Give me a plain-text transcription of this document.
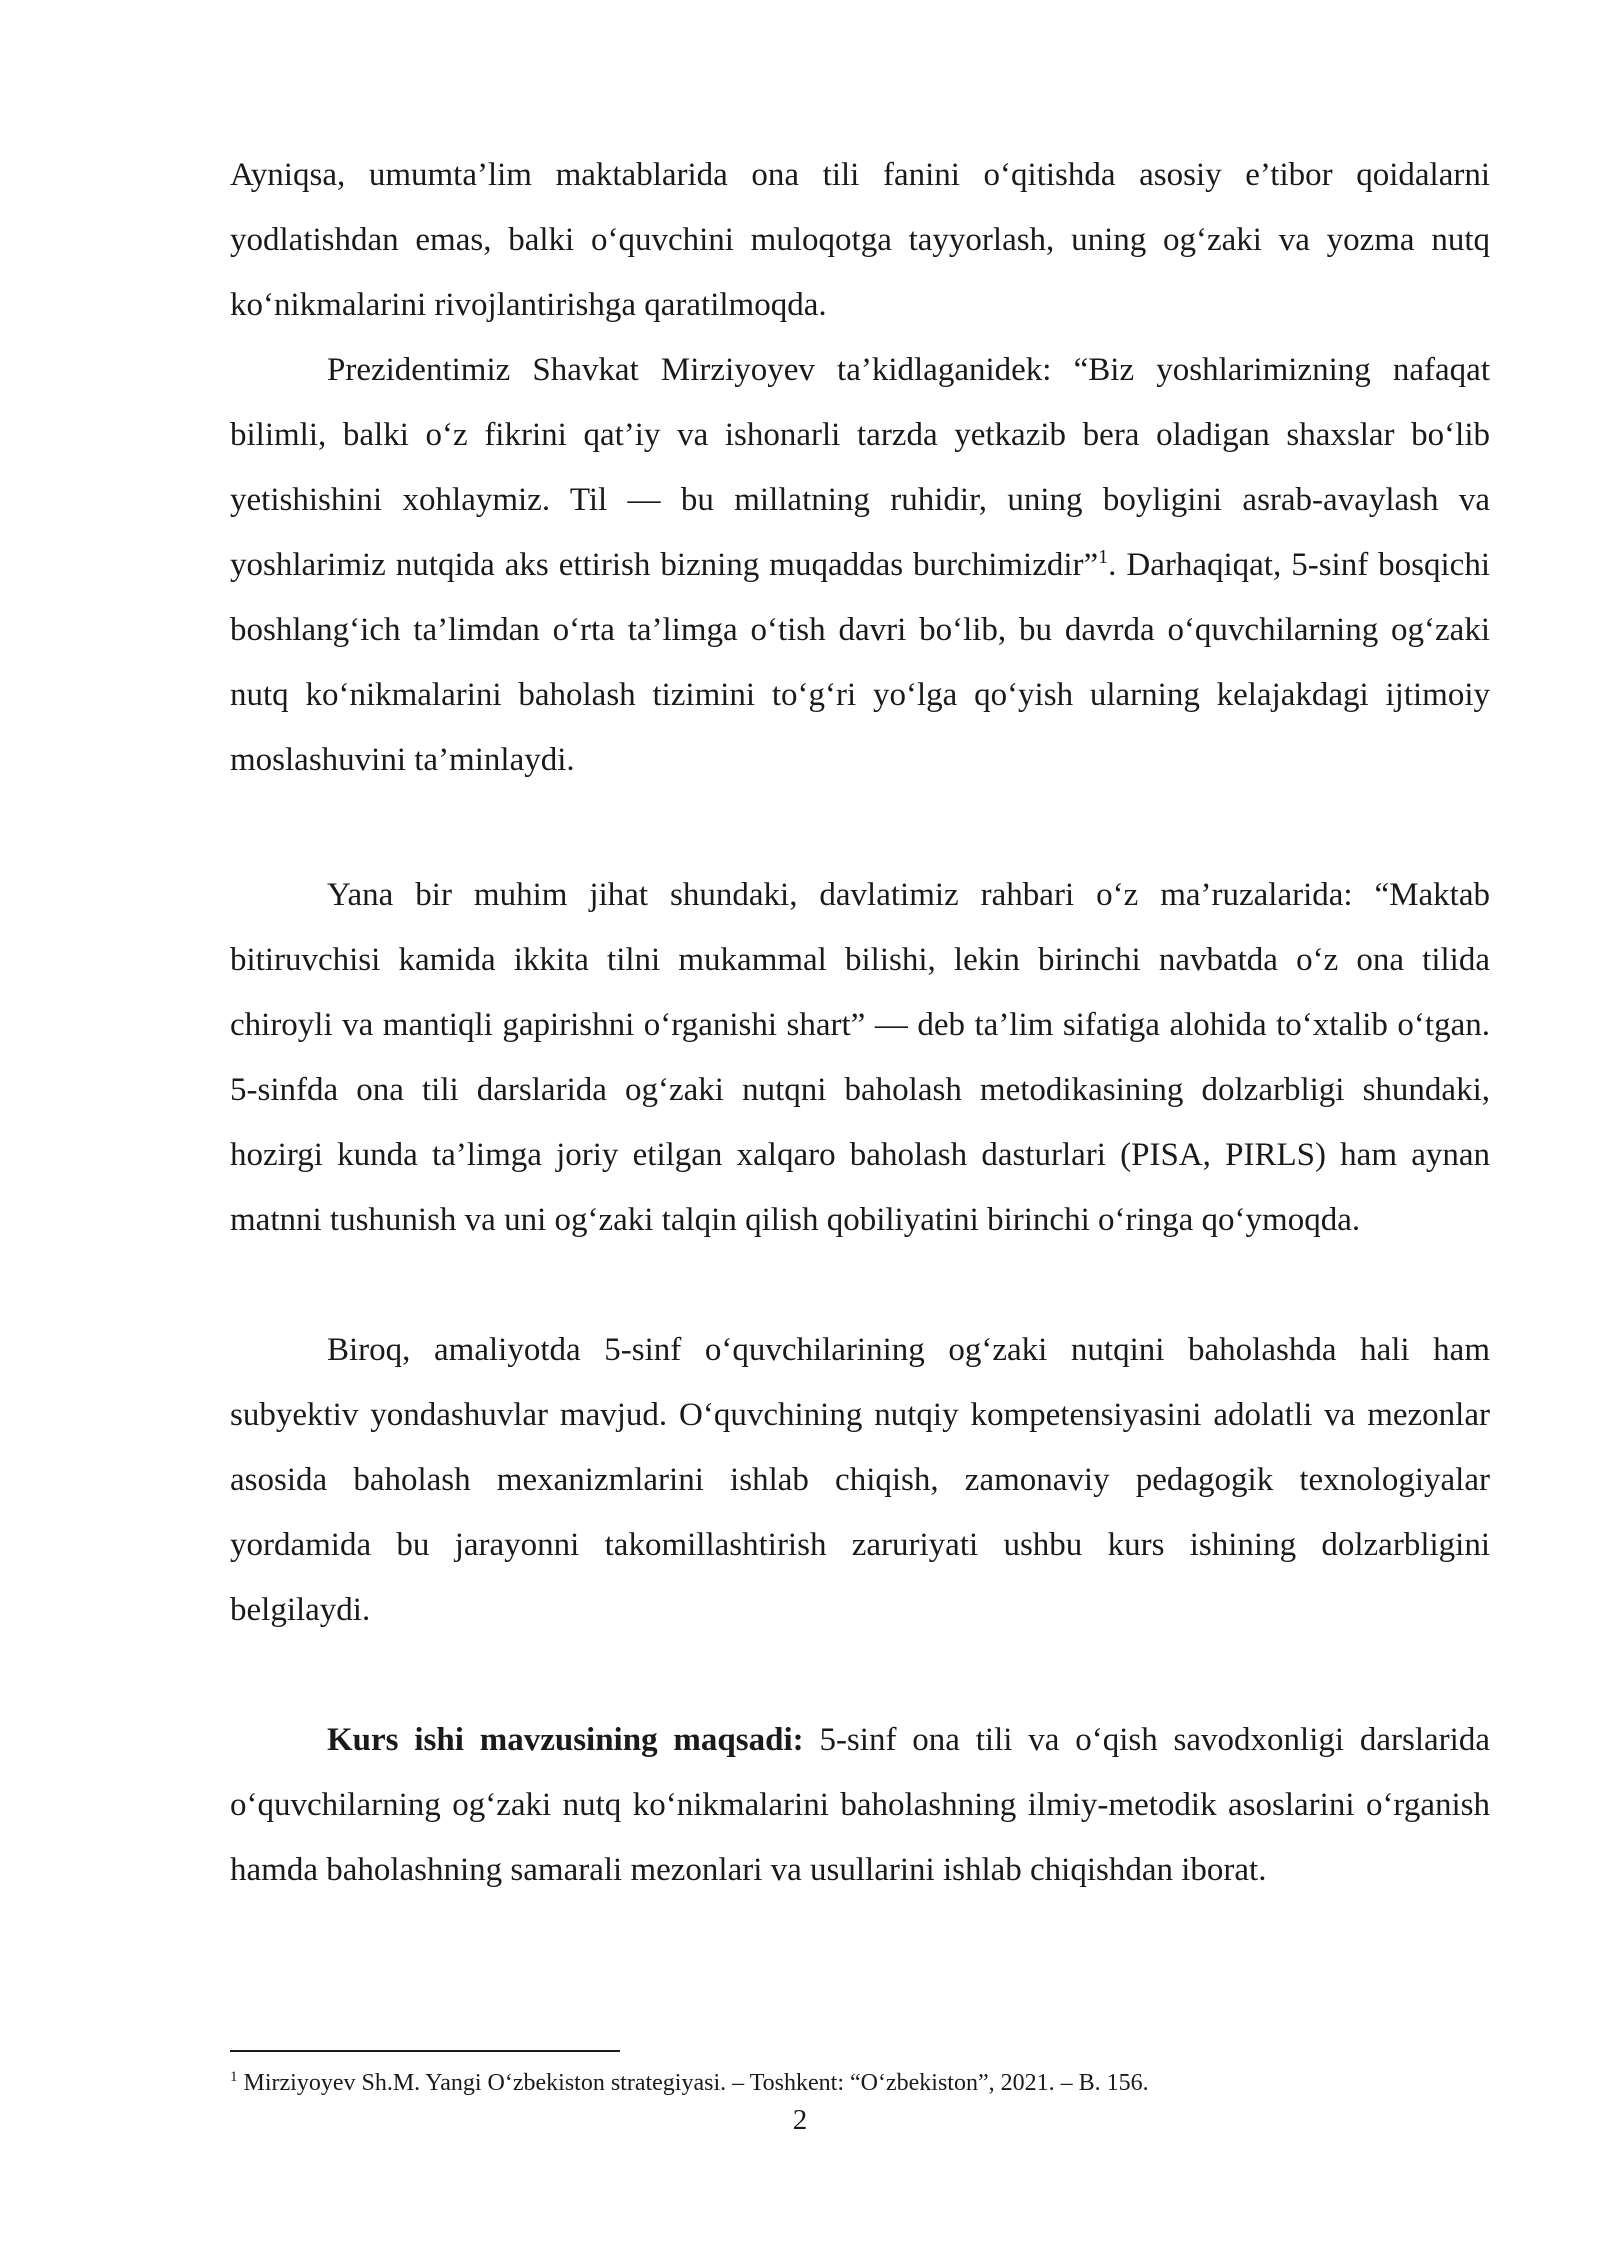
Ayniqsa, umumta’lim maktablarida ona tili fanini o‘qitishda asosiy e’tibor qoidalarni yodlatishdan emas, balki o‘quvchini muloqotga tayyorlash, uning og‘zaki va yozma nutq ko‘nikmalarini rivojlantirishga qaratilmoqda.

Prezidentimiz Shavkat Mirziyoyev ta’kidlaganidek: “Biz yoshlarimizning nafaqat bilimli, balki o‘z fikrini qat’iy va ishonarli tarzda yetkazib bera oladigan shaxslar bo‘lib yetishishini xohlaymiz. Til — bu millatning ruhidir, uning boyligini asrab-avaylash va yoshlarimiz nutqida aks ettirish bizning muqaddas burchimizdir”$^1$. Darhaqiqat, 5-sinf bosqichi boshlang‘ich ta’limdan o‘rta ta’limga o‘tish davri bo‘lib, bu davrda o‘quvchilarning og‘zaki nutq ko‘nikmalarini baholash tizimini to‘g‘ri yo‘lga qo‘yish ularning kelajakdagi ijtimoiy moslashuvini ta’minlaydi.

Yana bir muhim jihat shundaki, davlatimiz rahbari o‘z ma’ruzalarida: “Maktab bitiruvchisi kamida ikkita tilni mukammal bilishi, lekin birinchi navbatda o‘z ona tilida chiroyli va mantiqli gapirishni o‘rganishi shart” — deb ta’lim sifatiga alohida to‘xtalib o‘tgan. 5-sinfda ona tili darslarida og‘zaki nutqni baholash metodikasining dolzarbligi shundaki, hozirgi kunda ta’limga joriy etilgan xalqaro baholash dasturlari (PISA, PIRLS) ham aynan matnni tushunish va uni og‘zaki talqin qilish qobiliyatini birinchi o‘ringa qo‘ymoqda.

Biroq, amaliyotda 5-sinf o‘quvchilarining og‘zaki nutqini baholashda hali ham subyektiv yondashuvlar mavjud. O‘quvchining nutqiy kompetensiyasini adolatli va mezonlar asosida baholash mexanizmlarini ishlab chiqish, zamonaviy pedagogik texnologiyalar yordamida bu jarayonni takomillashtirish zaruriyati ushbu kurs ishining dolzarbligini belgilaydi.

Kurs ishi mavzusining maqsadi: 5-sinf ona tili va o‘qish savodxonligi darslarida o‘quvchilarning og‘zaki nutq ko‘nikmalarini baholashning ilmiy-metodik asoslarini o‘rganish hamda baholashning samarali mezonlari va usullarini ishlab chiqishdan iborat.

$^1$ Mirziyoyev Sh.M. Yangi O‘zbekiston strategiyasi. – Toshkent: “O‘zbekiston”, 2021. – B. 156.
2
